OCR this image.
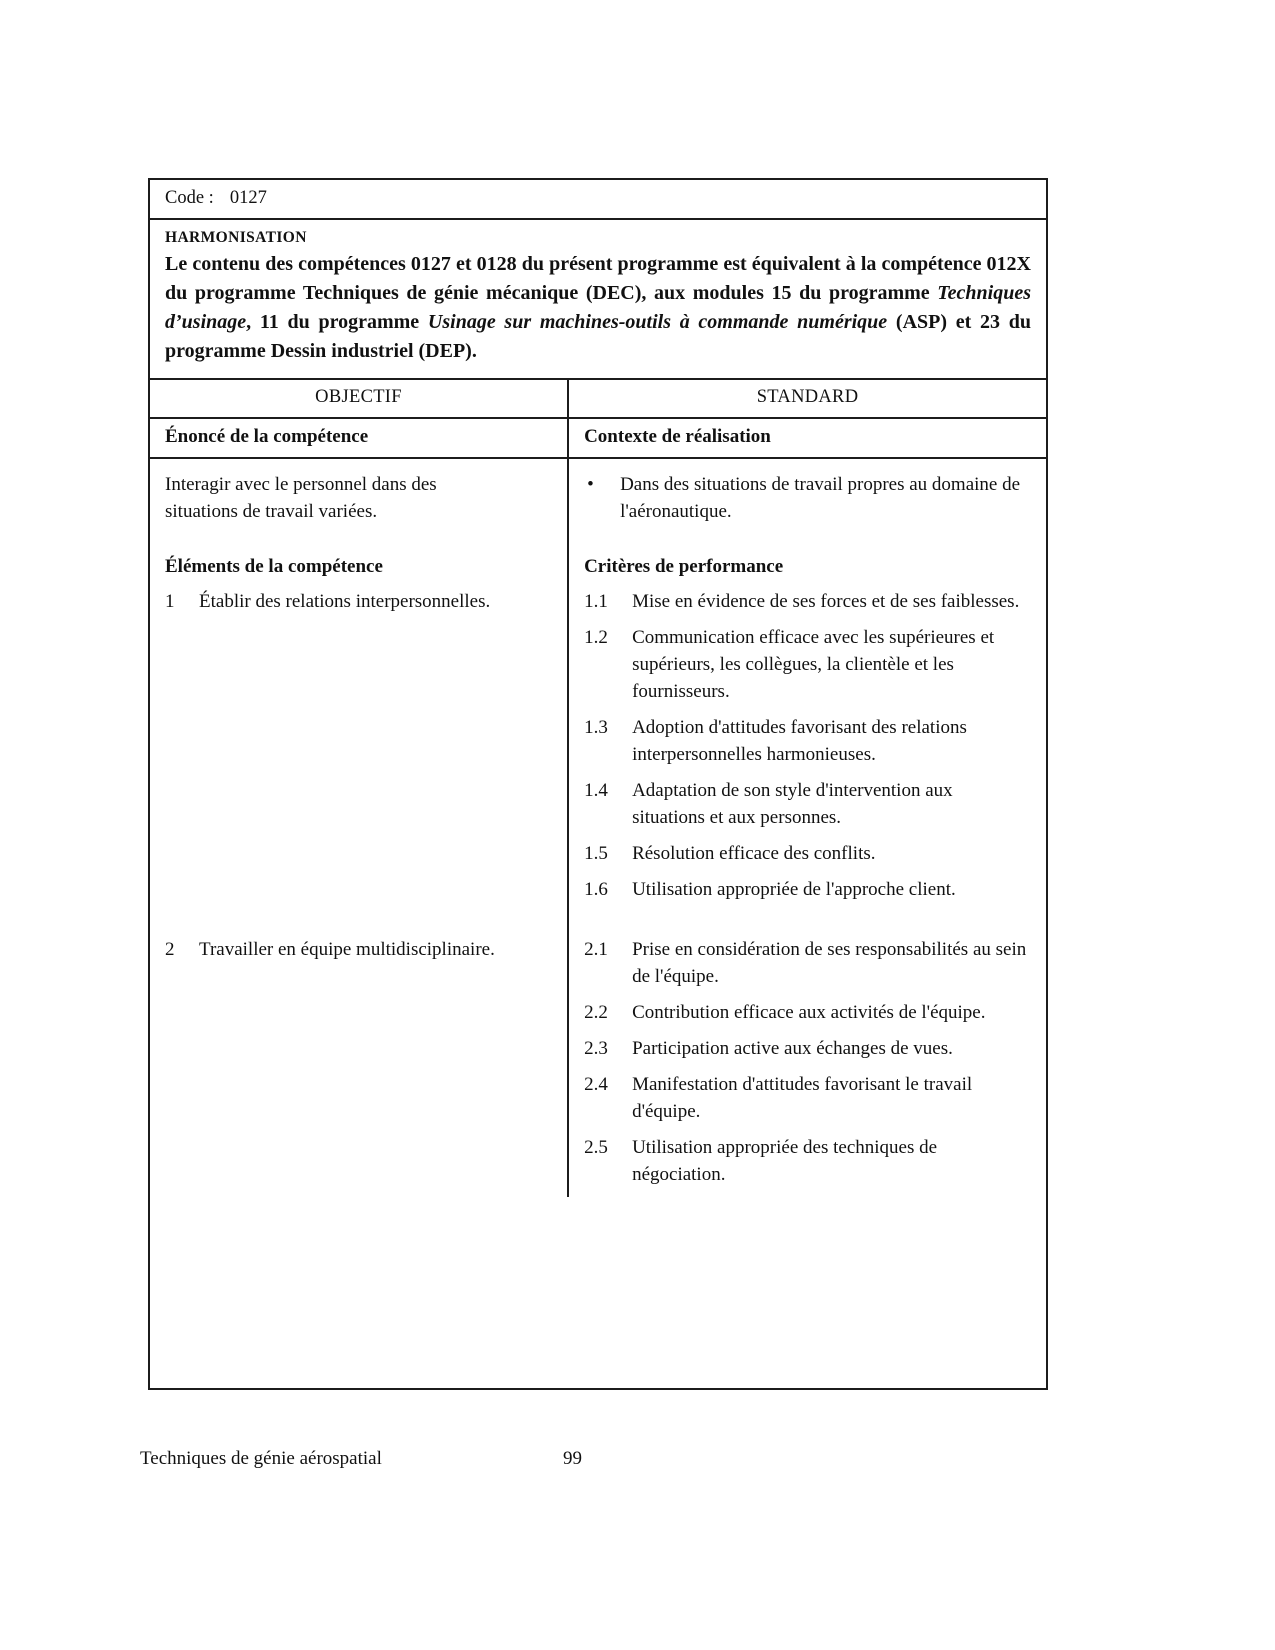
Code : 0127
HARMONISATION
Le contenu des compétences 0127 et 0128 du présent programme est équivalent à la compétence 012X du programme Techniques de génie mécanique (DEC), aux modules 15 du programme Techniques d’usinage, 11 du programme Usinage sur machines-outils à commande numérique (ASP) et 23 du programme Dessin industriel (DEP).
OBJECTIF	STANDARD
Énoncé de la compétence	Contexte de réalisation
Interagir avec le personnel dans des situations de travail variées.
•	Dans des situations de travail propres au domaine de l'aéronautique.
Éléments de la compétence	Critères de performance
1	Établir des relations interpersonnelles.	1.1	Mise en évidence de ses forces et de ses faiblesses.
1.2	Communication efficace avec les supérieures et supérieurs, les collègues, la clientèle et les fournisseurs.
1.3	Adoption d'attitudes favorisant des relations interpersonnelles harmonieuses.
1.4	Adaptation de son style d'intervention aux situations et aux personnes.
1.5	Résolution efficace des conflits.
1.6	Utilisation appropriée de l'approche client.
2	Travailler en équipe multidisciplinaire.	2.1	Prise en considération de ses responsabilités au sein de l'équipe.
2.2	Contribution efficace aux activités de l'équipe.
2.3	Participation active aux échanges de vues.
2.4	Manifestation d'attitudes favorisant le travail d'équipe.
2.5	Utilisation appropriée des techniques de négociation.
Techniques de génie aérospatial	99
